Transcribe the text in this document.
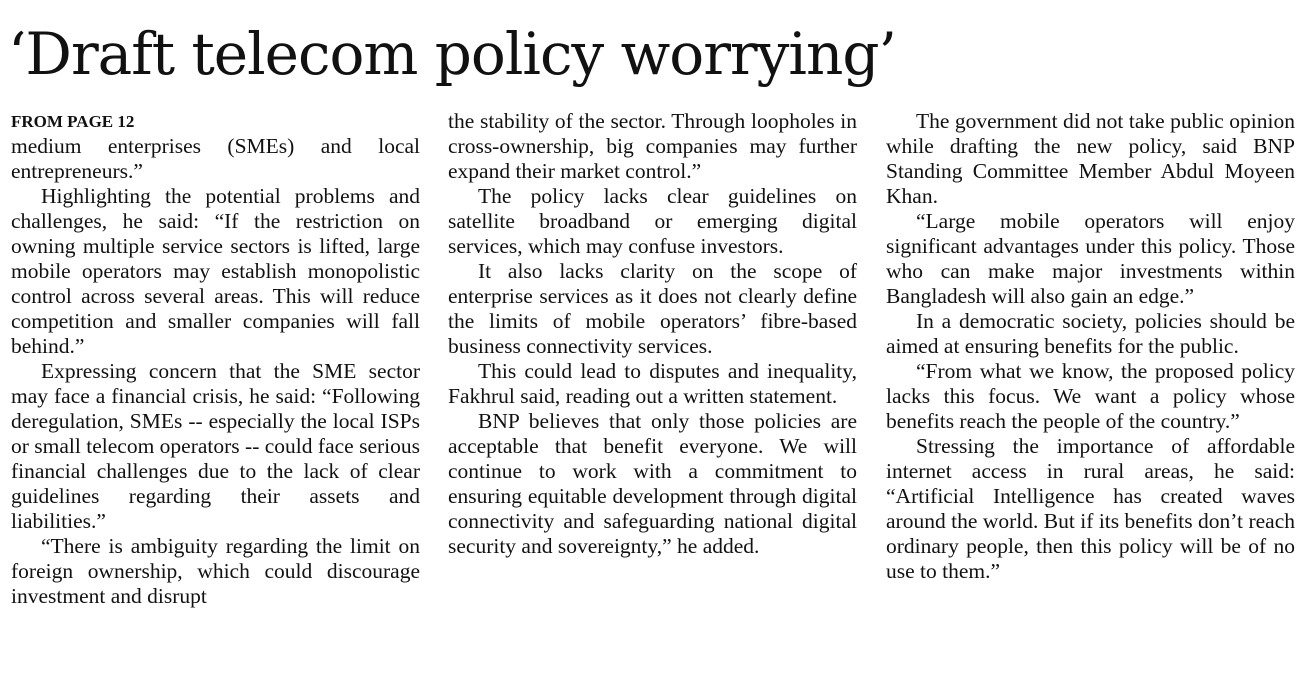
‘Draft telecom policy worrying’
FROM PAGE 12

medium enterprises (SMEs) and local entrepreneurs.”

Highlighting the potential problems and challenges, he said: “If the restriction on owning multiple service sectors is lifted, large mobile operators may establish monopolistic control across several areas. This will reduce competition and smaller companies will fall behind.”

Expressing concern that the SME sector may face a financial crisis, he said: “Following deregulation, SMEs -- especially the local ISPs or small telecom operators -- could face serious financial challenges due to the lack of clear guidelines regarding their assets and liabilities.”

“There is ambiguity regarding the limit on foreign ownership, which could discourage investment and disrupt

the stability of the sector. Through loopholes in cross-ownership, big companies may further expand their market control.”

The policy lacks clear guidelines on satellite broadband or emerging digital services, which may confuse investors.

It also lacks clarity on the scope of enterprise services as it does not clearly define the limits of mobile operators’ fibre-based business connectivity services.

This could lead to disputes and inequality, Fakhrul said, reading out a written statement.

BNP believes that only those policies are acceptable that benefit everyone. We will continue to work with a commitment to ensuring equitable development through digital connectivity and safeguarding national digital security and sovereignty,” he added.

The government did not take public opinion while drafting the new policy, said BNP Standing Committee Member Abdul Moyeen Khan.

“Large mobile operators will enjoy significant advantages under this policy. Those who can make major investments within Bangladesh will also gain an edge.”

In a democratic society, policies should be aimed at ensuring benefits for the public.

“From what we know, the proposed policy lacks this focus. We want a policy whose benefits reach the people of the country.”

Stressing the importance of affordable internet access in rural areas, he said: “Artificial Intelligence has created waves around the world. But if its benefits don’t reach ordinary people, then this policy will be of no use to them.”
